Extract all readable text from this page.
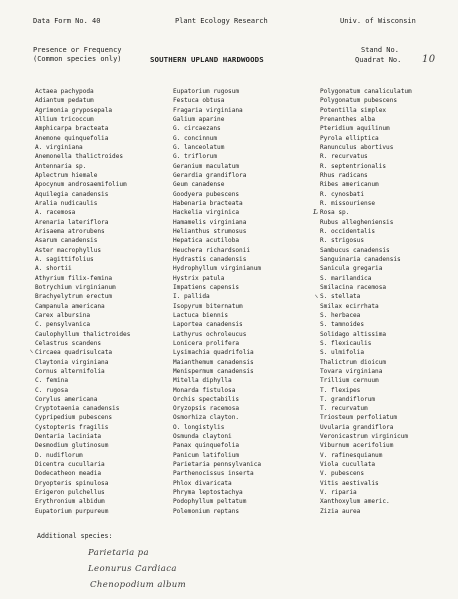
Data Form No. 40	Plant Ecology Research	Univ. of Wisconsin
Presence or Frequency
(Common species only)	SOUTHERN UPLAND HARDWOODS
Stand No.
Quadrat No. 10
Actaea pachypoda
Adiantum pedatum
Agrimonia gryposepala
Allium tricoccum
Amphicarpa bracteata
Anemone quinquefolia
A. virginiana
Anemonella thalictroides
Antennaria sp.
Aplectrum hiemale
Apocynum androsaemifolium
Aquilegia canadensis
Aralia nudicaulis
A. racemosa
Arenaria lateriflora
Arisaema atrorubens
Asarum canadensis
Aster macrophyllus
A. sagittifolius
A. shortii
Athyrium filix-femina
Botrychium virginianum
Brachyelytrum erectum
Campanula americana
Carex albursina
C. pensylvanica
Caulophyllum thalictroides
Celastrus scandens
Circaea quadrisulcata
Claytonia virginiana
Cornus alternifolia
C. femina
C. rugosa
Corylus americana
Cryptotaenia canadensis
Cypripedium pubescens
Cystopteris fragilis
Dentaria laciniata
Desmodium glutinosum
D. nudiflorum
Dicentra cucullaria
Dodecatheon meadia
Dryopteris spinulosa
Erigeron pulchellus
Erythronium albidum
Eupatorium purpureum
Eupatorium rugosum
Festuca obtusa
Fragaria virginiana
Galium aparine
G. circaezans
G. concinnum
G. lanceolatum
G. triflorum
Geranium maculatum
Gerardia grandiflora
Geum canadense
Goodyera pubescens
Habenaria bracteata
Hackelia virginica
Hamamelis virginiana
Helianthus strumosus
Hepatica acutiloba
Heuchera richardsonii
Hydrastis canadensis
Hydrophyllum virginianum
Hystrix patula
Impatiens capensis
I. pallida
Isopyrum biternatum
Lactuca biennis
Laportea canadensis
Lathyrus ochroleucus
Lonicera prolifera
Lysimachia quadrifolia
Maianthemum canadensis
Menispermum canadensis
Mitella diphylla
Monarda fistulosa
Orchis spectabilis
Oryzopsis racemosa
Osmorhiza clayton.
O. longistylis
Osmunda claytoni
Panax quinquefolia
Panicum latifolium
Parietaria pennsylvanica
Parthenocissus inserta
Phlox divaricata
Phryma leptostachya
Podophyllum peltatum
Polemonium reptans
Polygonatum canaliculatum
Polygonatum pubescens
Potentilla simplex
Prenanthes alba
Pteridium aquilinum
Pyrola elliptica
Ranunculus abortivus
R. recurvatus
R. septentrionalis
Rhus radicans
Ribes americanum
R. cynosbati
R. missouriense
Rosa sp.
Rubus allegheniensis
R. occidentalis
R. strigosus
Sambucus canadensis
Sanguinaria canadensis
Sanicula gregaria
S. marilandica
Smilacina racemosa
S. stellata
Smilax ecirrhata
S. herbacea
S. tamnoides
Solidago altissima
S. flexicaulis
S. ulmifolia
Thalictrum dioicum
Tovara virginiana
Trillium cernuum
T. flexipes
T. grandiflorum
T. recurvatum
Triosteum perfoliatum
Uvularia grandiflora
Veronicastrum virginicum
Viburnum acerifolium
V. rafinesquianum
Viola cucullata
V. pubescens
Vitis aestivalis
V. riparia
Xanthoxylum americ.
Zizia aurea
⸌
ʟ
⸌
Additional species:
Parietaria pa
Leonurus Cardiaca
Chenopodium album
